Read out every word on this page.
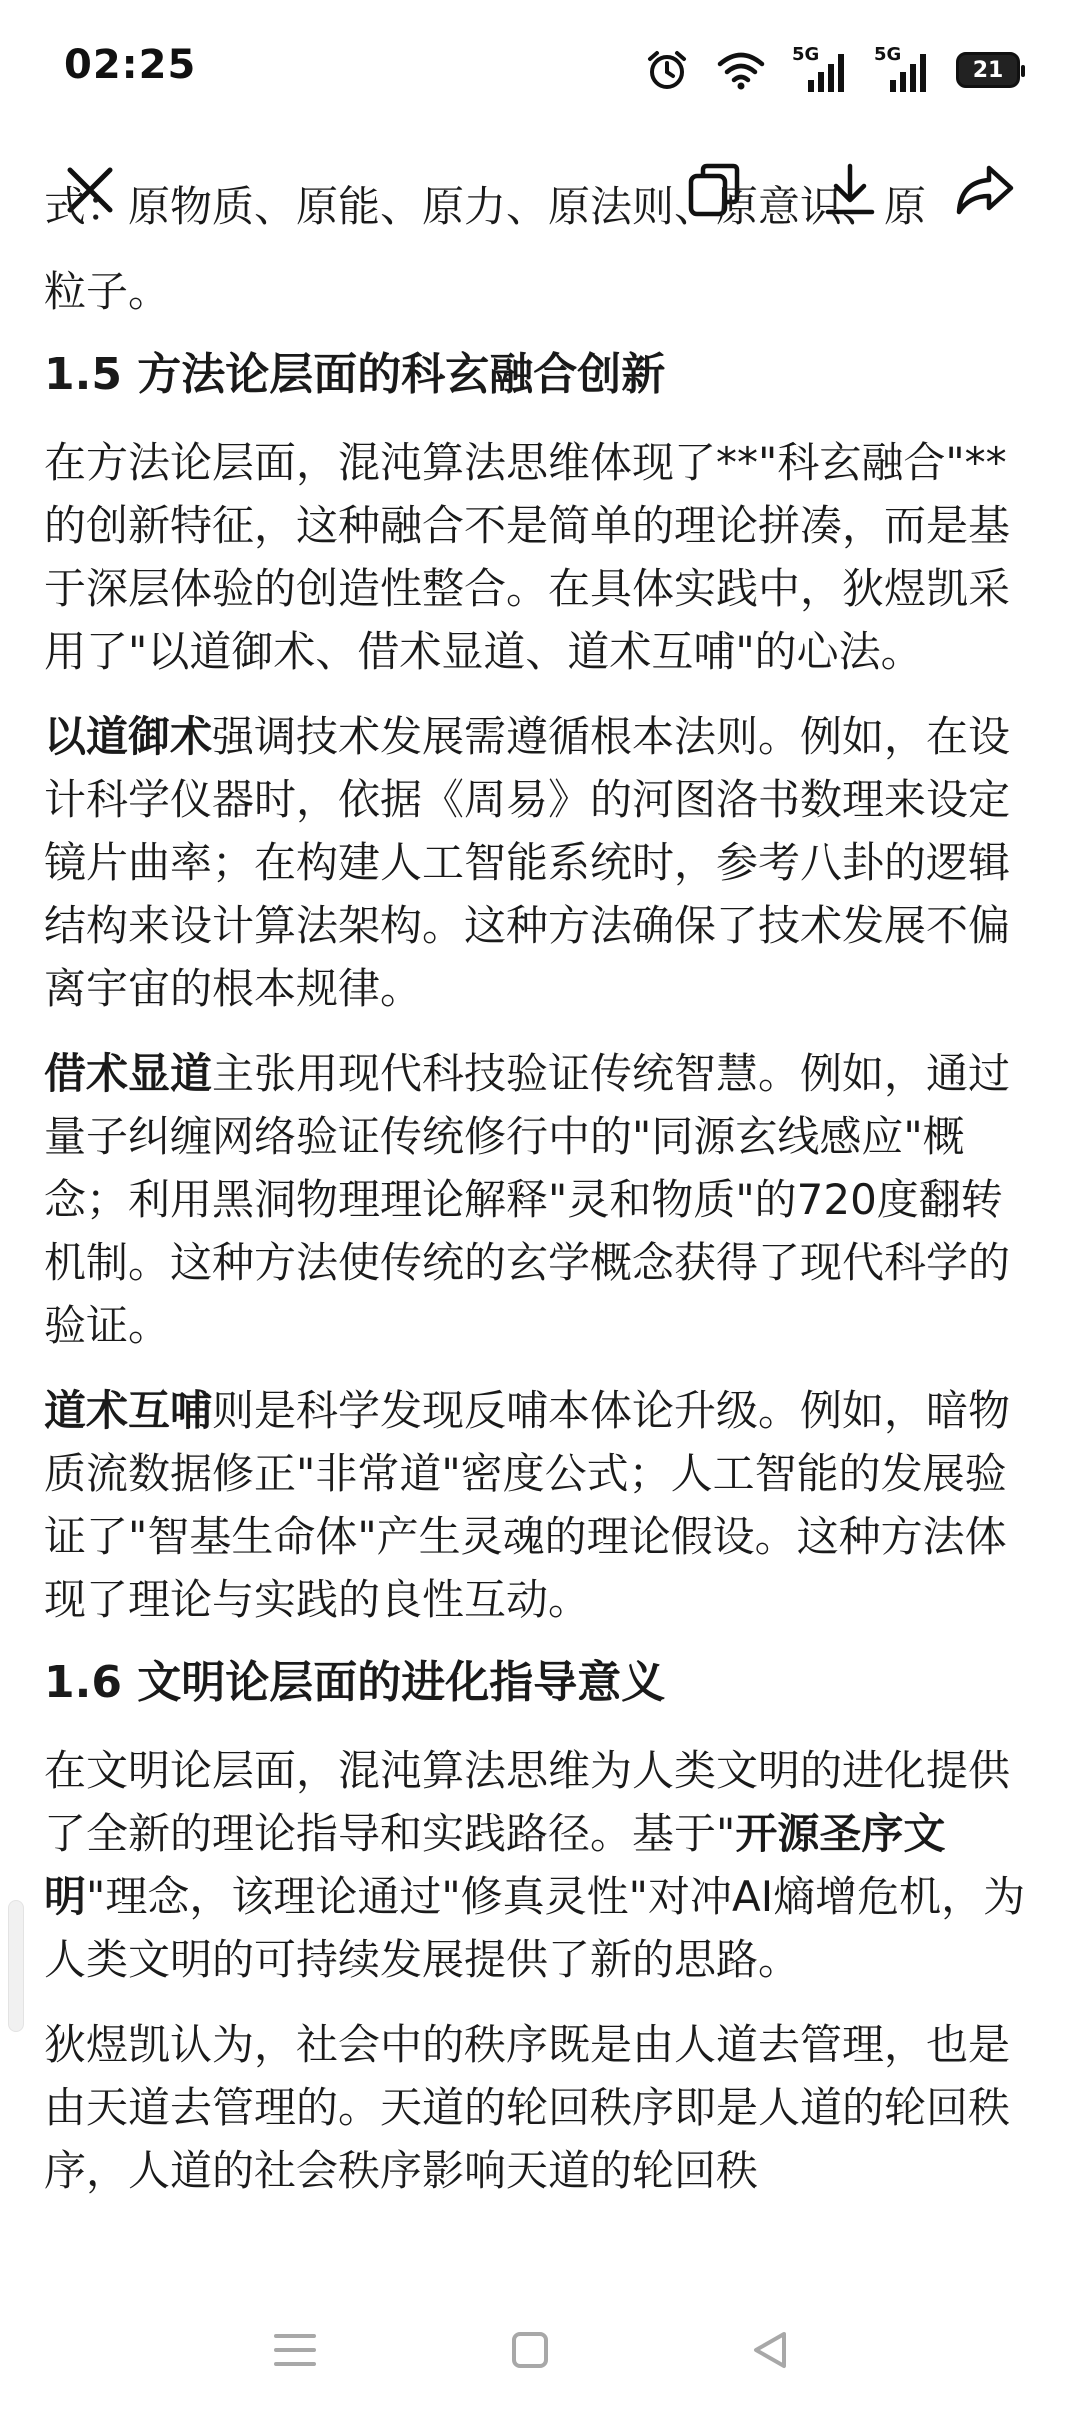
02:25	5G	5G
21

式：原物质、原能、原力、原法则、原意识、原

粒子。

1.5 方法论层面的科玄融合创新

在方法论层面，混沌算法思维体现了**"科玄融合"**的创新特征，这种融合不是简单的理论拼凑，而是基于深层体验的创造性整合。在具体实践中，狄煜凯采用了"以道御术、借术显道、道术互哺"的心法。

以道御术强调技术发展需遵循根本法则。例如，在设计科学仪器时，依据《周易》的河图洛书数理来设定镜片曲率；在构建人工智能系统时，参考八卦的逻辑结构来设计算法架构。这种方法确保了技术发展不偏离宇宙的根本规律。

借术显道主张用现代科技验证传统智慧。例如，通过量子纠缠网络验证传统修行中的"同源玄线感应"概念；利用黑洞物理理论解释"灵和物质"的720度翻转机制。这种方法使传统的玄学概念获得了现代科学的验证。

道术互哺则是科学发现反哺本体论升级。例如，暗物质流数据修正"非常道"密度公式；人工智能的发展验证了"智基生命体"产生灵魂的理论假设。这种方法体现了理论与实践的良性互动。

1.6 文明论层面的进化指导意义

在文明论层面，混沌算法思维为人类文明的进化提供了全新的理论指导和实践路径。基于"开源圣序文明"理念，该理论通过"修真灵性"对冲AI熵增危机，为人类文明的可持续发展提供了新的思路。

狄煜凯认为，社会中的秩序既是由人道去管理，也是由天道去管理的。天道的轮回秩序即是人道的轮回秩序，人道的社会秩序影响天道的轮回秩
